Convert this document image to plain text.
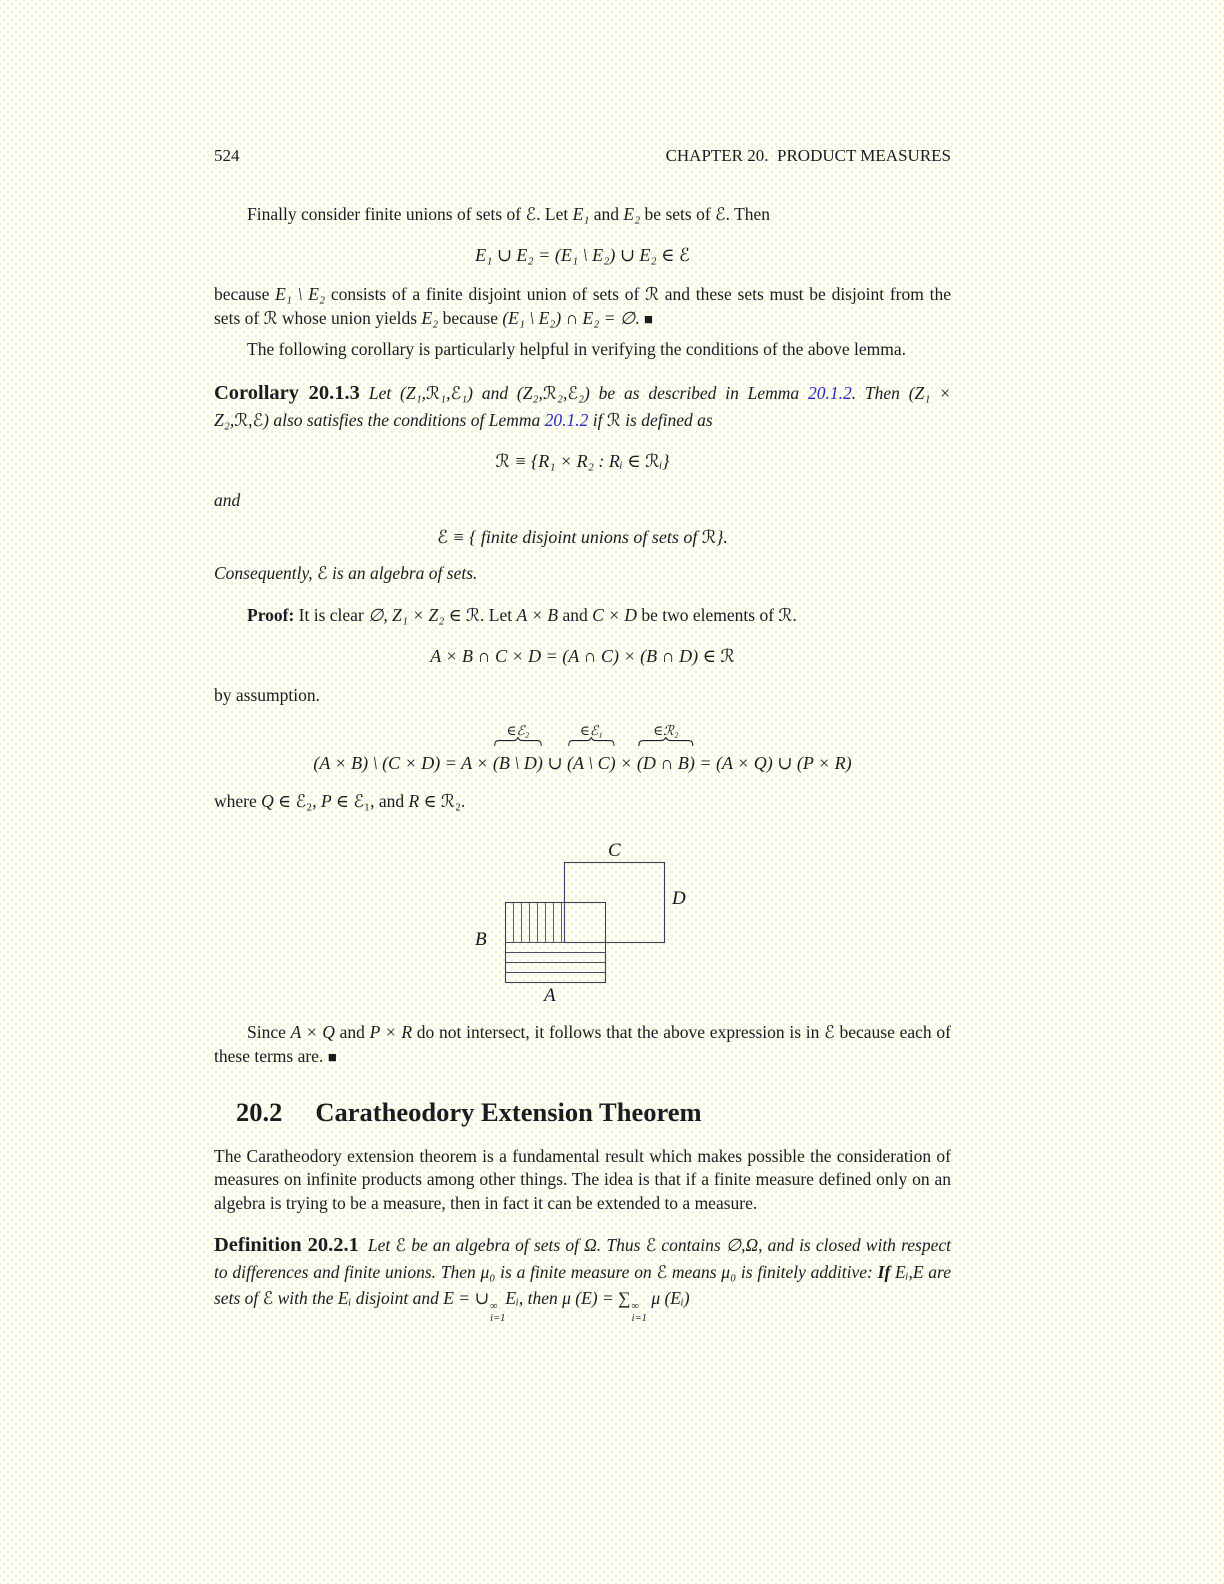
524	CHAPTER 20.  PRODUCT MEASURES

Finally consider finite unions of sets of ℰ. Let E₁ and E₂ be sets of ℰ. Then

E₁ ∪ E₂ = (E₁ \ E₂) ∪ E₂ ∈ ℰ

because E₁ \ E₂ consists of a finite disjoint union of sets of ℛ and these sets must be disjoint from the sets of ℛ whose union yields E₂ because (E₁ \ E₂) ∩ E₂ = ∅. ■

The following corollary is particularly helpful in verifying the conditions of the above lemma.

Corollary 20.1.3 Let (Z₁,ℛ₁,ℰ₁) and (Z₂,ℛ₂,ℰ₂) be as described in Lemma 20.1.2. Then (Z₁ × Z₂,ℛ,ℰ) also satisfies the conditions of Lemma 20.1.2 if ℛ is defined as

ℛ ≡ {R₁ × R₂ : Rᵢ ∈ ℛᵢ}

and

ℰ ≡ { finite disjoint unions of sets of ℛ}.

Consequently, ℰ is an algebra of sets.

Proof: It is clear ∅, Z₁ × Z₂ ∈ ℛ. Let A × B and C × D be two elements of ℛ.

A × B ∩ C × D = (A ∩ C) × (B ∩ D) ∈ ℛ

by assumption.

(A × B) \ (C × D) = A ×
∈ℰ₂
(B \ D) ∪
∈ℰ₁
(A \ C) ×
∈ℛ₂
(D ∩ B) = (A × Q) ∪ (P × R)

where Q ∈ ℰ₂, P ∈ ℰ₁, and R ∈ ℛ₂.

C
D
B
A

Since A × Q and P × R do not intersect, it follows that the above expression is in ℰ because each of these terms are. ■

20.2 Caratheodory Extension Theorem

The Caratheodory extension theorem is a fundamental result which makes possible the consideration of measures on infinite products among other things. The idea is that if a finite measure defined only on an algebra is trying to be a measure, then in fact it can be extended to a measure.

Definition 20.2.1 Let ℰ be an algebra of sets of Ω. Thus ℰ contains ∅,Ω, and is closed with respect to differences and finite unions. Then μ₀ is a finite measure on ℰ means μ₀ is finitely additive: If Eᵢ,E are sets of ℰ with the Eᵢ disjoint and E = ∪ ∞
i=1
Eᵢ, then μ (E) = ∑ ∞
i=1
μ (Eᵢ)
